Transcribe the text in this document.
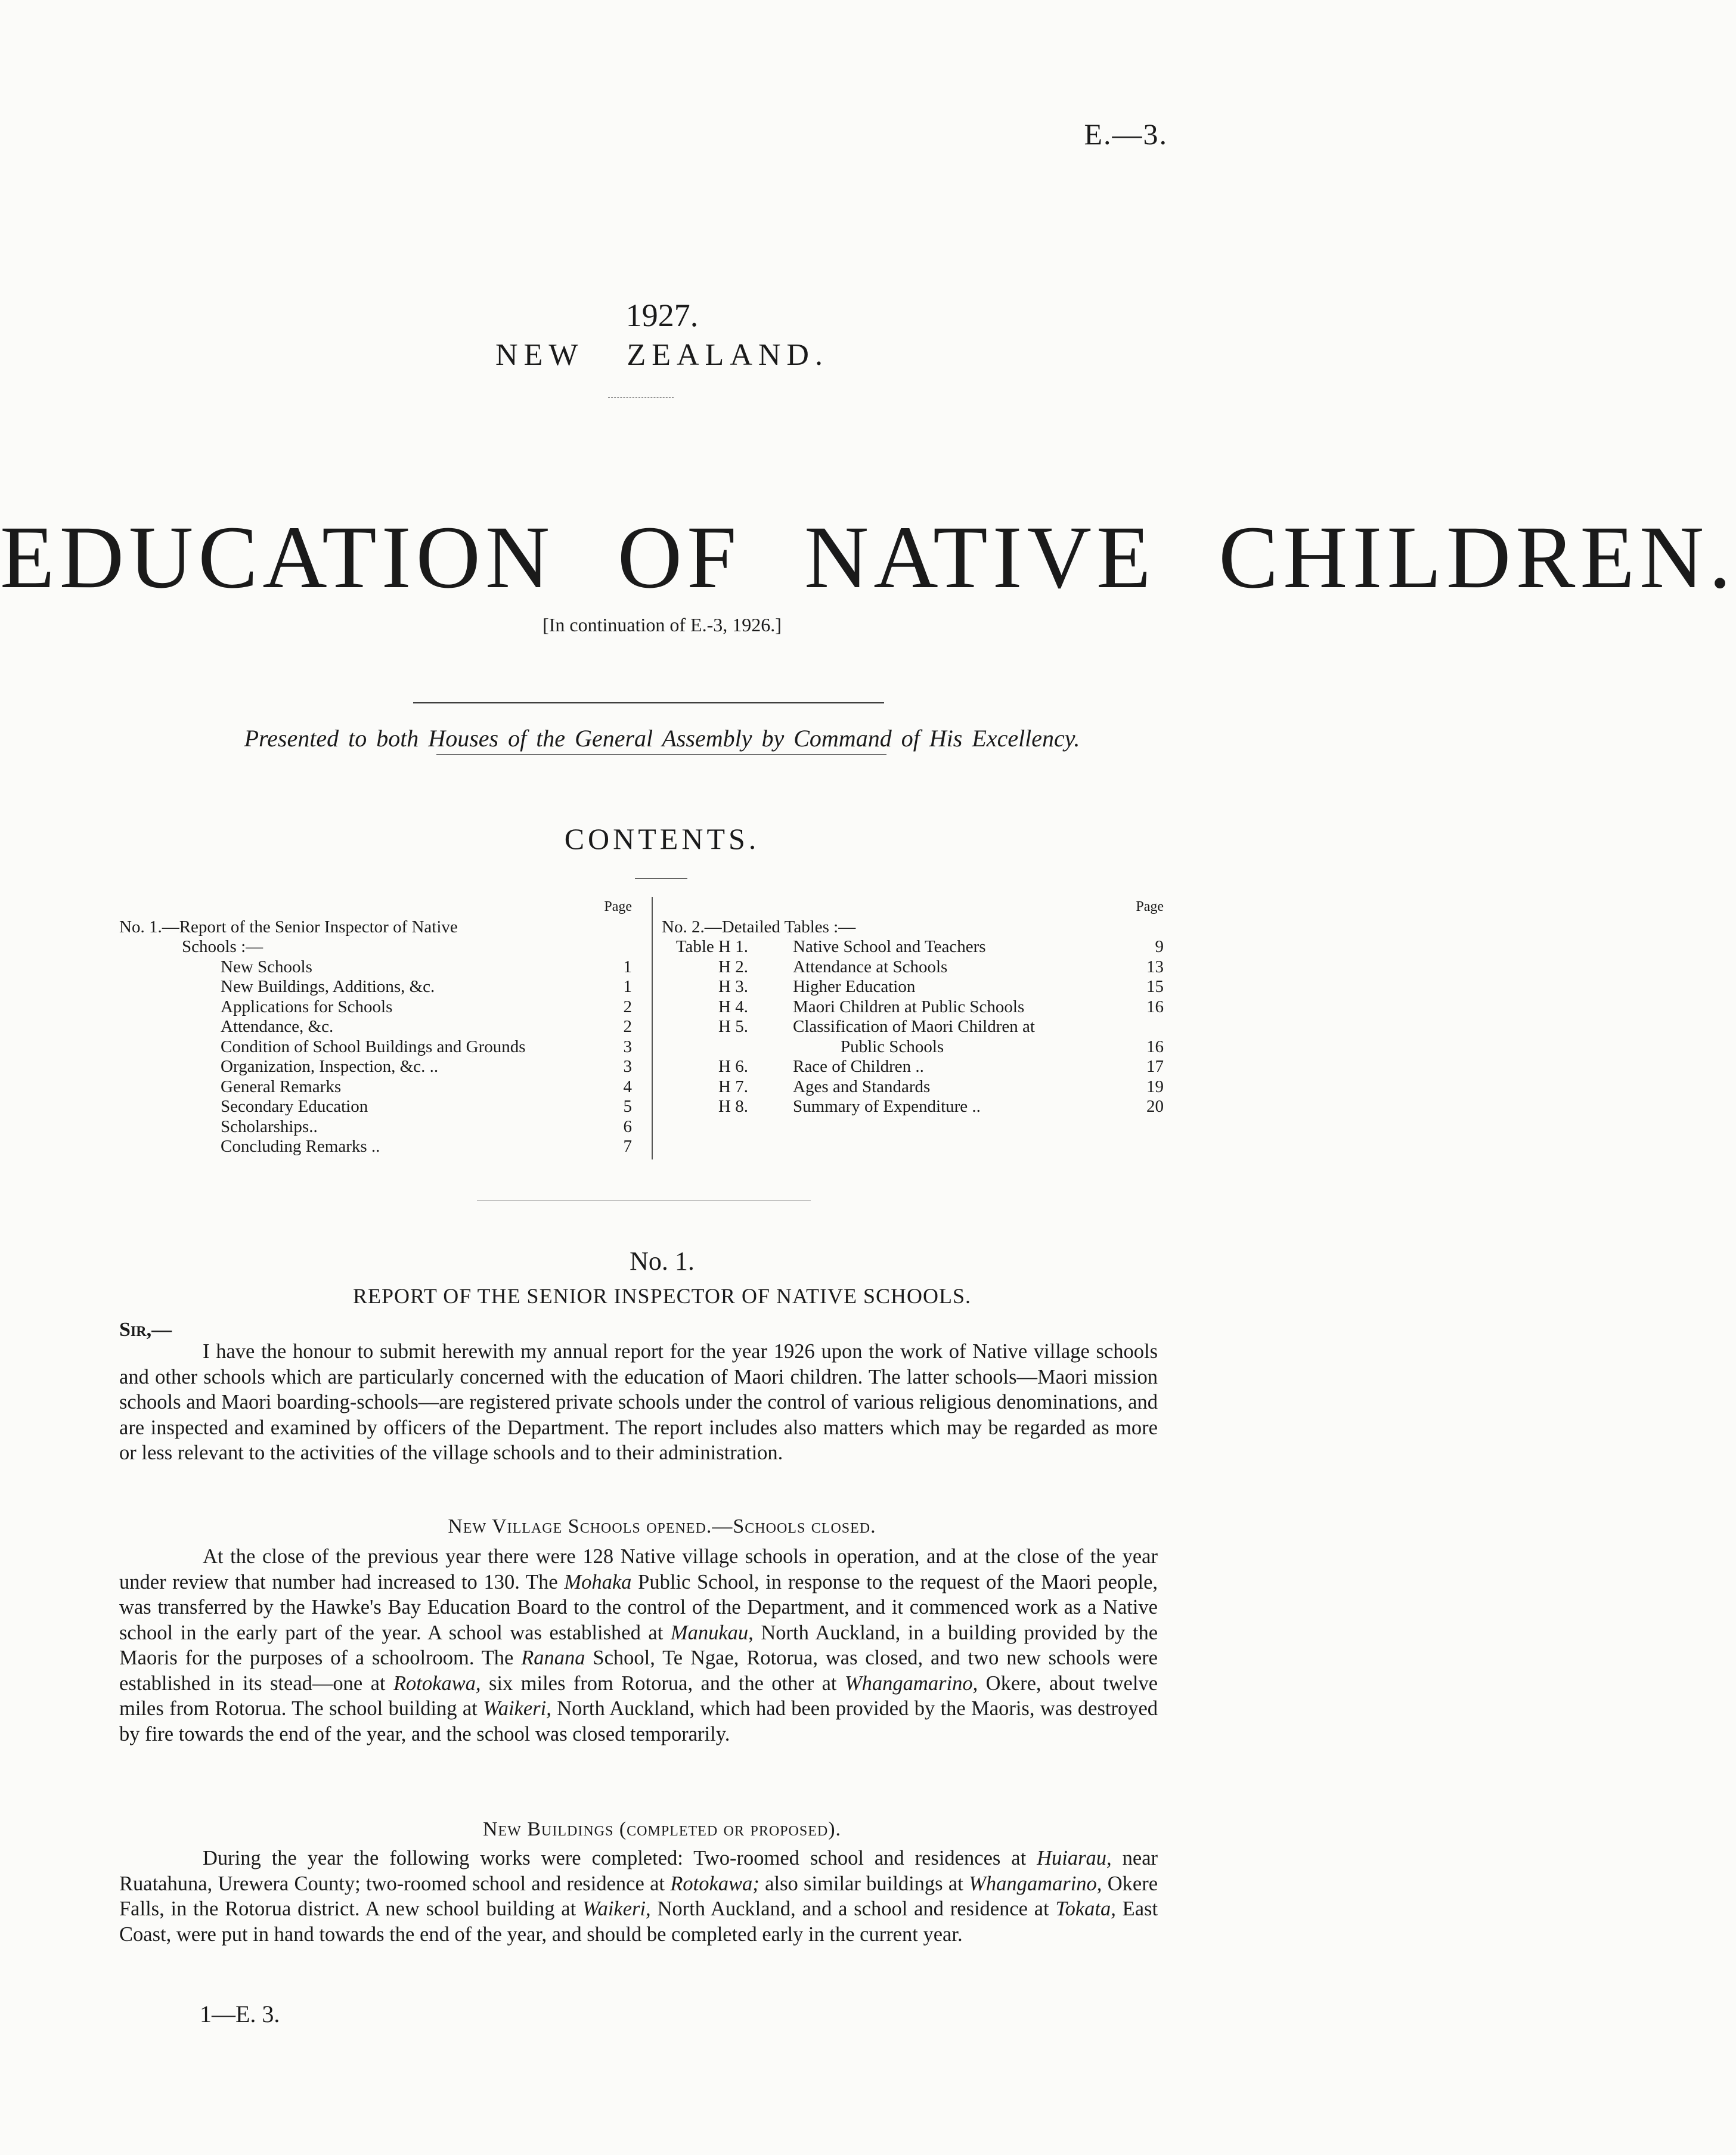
E.—3.
1927.
NEW ZEALAND.
EDUCATION OF NATIVE CHILDREN.
[In continuation of E.-3, 1926.]
Presented to both Houses of the General Assembly by Command of His Excellency.
CONTENTS.
Page
No. 1.—Report of the Senior Inspector of Native
Schools :—
New Schools	1
New Buildings, Additions, &c.	1
Applications for Schools	2
Attendance, &c.	2
Condition of School Buildings and Grounds	3
Organization, Inspection, &c. ..	3
General Remarks	4
Secondary Education	5
Scholarships..	6
Concluding Remarks ..	7
Page
No. 2.—Detailed Tables :—
Table H 1.	Native School and Teachers	9
H 2.	Attendance at Schools	13
H 3.	Higher Education	15
H 4.	Maori Children at Public Schools	16
H 5.	Classification of Maori Children at
Public Schools	16
H 6.	Race of Children ..	17
H 7.	Ages and Standards	19
H 8.	Summary of Expenditure ..	20
No. 1.
REPORT OF THE SENIOR INSPECTOR OF NATIVE SCHOOLS.
Sir,—
I have the honour to submit herewith my annual report for the year 1926 upon the work of Native village schools and other schools which are particularly concerned with the education of Maori children. The latter schools—Maori mission schools and Maori boarding-schools—are registered private schools under the control of various religious denominations, and are inspected and examined by officers of the Department. The report includes also matters which may be regarded as more or less relevant to the activities of the village schools and to their administration.
New Village Schools opened.—Schools closed.
At the close of the previous year there were 128 Native village schools in operation, and at the close of the year under review that number had increased to 130. The Mohaka Public School, in response to the request of the Maori people, was transferred by the Hawke's Bay Education Board to the control of the Department, and it commenced work as a Native school in the early part of the year. A school was established at Manukau, North Auckland, in a building provided by the Maoris for the purposes of a schoolroom. The Ranana School, Te Ngae, Rotorua, was closed, and two new schools were established in its stead—one at Rotokawa, six miles from Rotorua, and the other at Whangamarino, Okere, about twelve miles from Rotorua. The school building at Waikeri, North Auckland, which had been provided by the Maoris, was destroyed by fire towards the end of the year, and the school was closed temporarily.
New Buildings (completed or proposed).
During the year the following works were completed: Two-roomed school and residences at Huiarau, near Ruatahuna, Urewera County; two-roomed school and residence at Rotokawa; also similar buildings at Whangamarino, Okere Falls, in the Rotorua district. A new school building at Waikeri, North Auckland, and a school and residence at Tokata, East Coast, were put in hand towards the end of the year, and should be completed early in the current year.
1—E. 3.
